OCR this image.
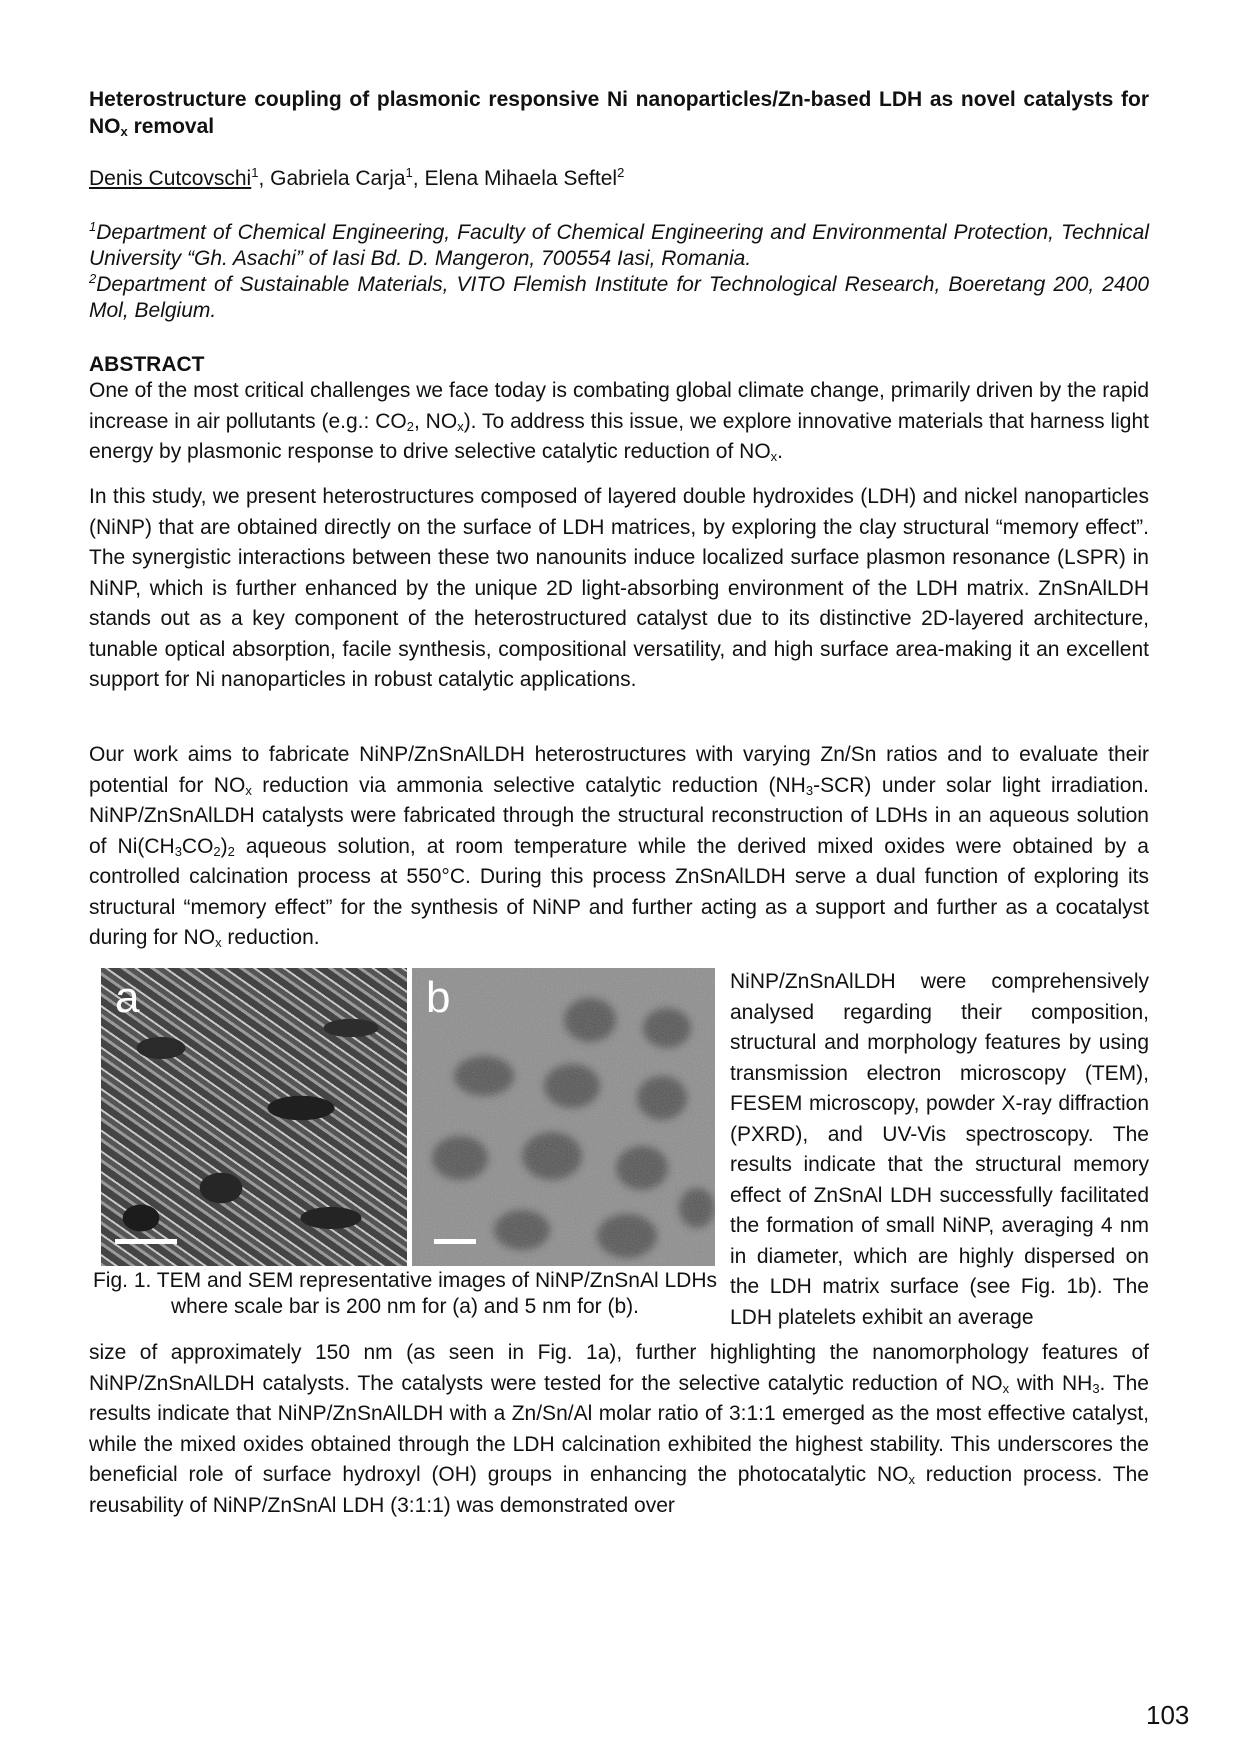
Heterostructure coupling of plasmonic responsive Ni nanoparticles/Zn-based LDH as novel catalysts for $NO_x$ removal
Denis Cutcovschi$^1$, Gabriela Carja$^1$, Elena Mihaela Seftel$^2$

$^1$Department of Chemical Engineering, Faculty of Chemical Engineering and Environmental Protection, Technical University “Gh. Asachi” of Iasi Bd. D. Mangeron, 700554 Iasi, Romania.

$^2$Department of Sustainable Materials, VITO Flemish Institute for Technological Research, Boeretang 200, 2400 Mol, Belgium.

ABSTRACT

One of the most critical challenges we face today is combating global climate change, primarily driven by the rapid increase in air pollutants (e.g.: $CO_2$, $NO_x$). To address this issue, we explore innovative materials that harness light energy by plasmonic response to drive selective catalytic reduction of $NO_x$.

In this study, we present heterostructures composed of layered double hydroxides (LDH) and nickel nanoparticles (NiNP) that are obtained directly on the surface of LDH matrices, by exploring the clay structural “memory effect”. The synergistic interactions between these two nanounits induce localized surface plasmon resonance (LSPR) in NiNP, which is further enhanced by the unique 2D light-absorbing environment of the LDH matrix. ZnSnAlLDH stands out as a key component of the heterostructured catalyst due to its distinctive 2D-layered architecture, tunable optical absorption, facile synthesis, compositional versatility, and high surface area-making it an excellent support for Ni nanoparticles in robust catalytic applications.

Our work aims to fabricate NiNP/ZnSnAlLDH heterostructures with varying Zn/Sn ratios and to evaluate their potential for $NO_x$ reduction via ammonia selective catalytic reduction $(NH_3-SCR)$ under solar light irradiation. NiNP/ZnSnAlLDH catalysts were fabricated through the structural reconstruction of LDHs in an aqueous solution of $Ni(CH_3CO_2)_2$ aqueous solution, at room temperature while the derived mixed oxides were obtained by a controlled calcination process at 550°C. During this process ZnSnAlLDH serve a dual function of exploring its structural “memory effect” for the synthesis of NiNP and further acting as a support and further as a cocatalyst during for $NO_x$ reduction.

a	b
Fig. 1. TEM and SEM representative images of NiNP/ZnSnAl LDHs where scale bar is 200 nm for (a) and 5 nm for (b).

NiNP/ZnSnAlLDH were comprehensively analysed regarding their composition, structural and morphology features by using transmission electron microscopy (TEM), FESEM microscopy, powder X-ray diffraction (PXRD), and UV-Vis spectroscopy. The results indicate that the structural memory effect of ZnSnAl LDH successfully facilitated the formation of small NiNP, averaging 4 nm in diameter, which are highly dispersed on the LDH matrix surface (see Fig. 1b). The LDH platelets exhibit an average

size of approximately 150 nm (as seen in Fig. 1a), further highlighting the nanomorphology features of NiNP/ZnSnAlLDH catalysts. The catalysts were tested for the selective catalytic reduction of $NO_x$ with $NH_3$. The results indicate that NiNP/ZnSnAlLDH with a Zn/Sn/Al molar ratio of 3:1:1 emerged as the most effective catalyst, while the mixed oxides obtained through the LDH calcination exhibited the highest stability. This underscores the beneficial role of surface hydroxyl (OH) groups in enhancing the photocatalytic $NO_x$ reduction process. The reusability of NiNP/ZnSnAl LDH (3:1:1) was demonstrated over

103
